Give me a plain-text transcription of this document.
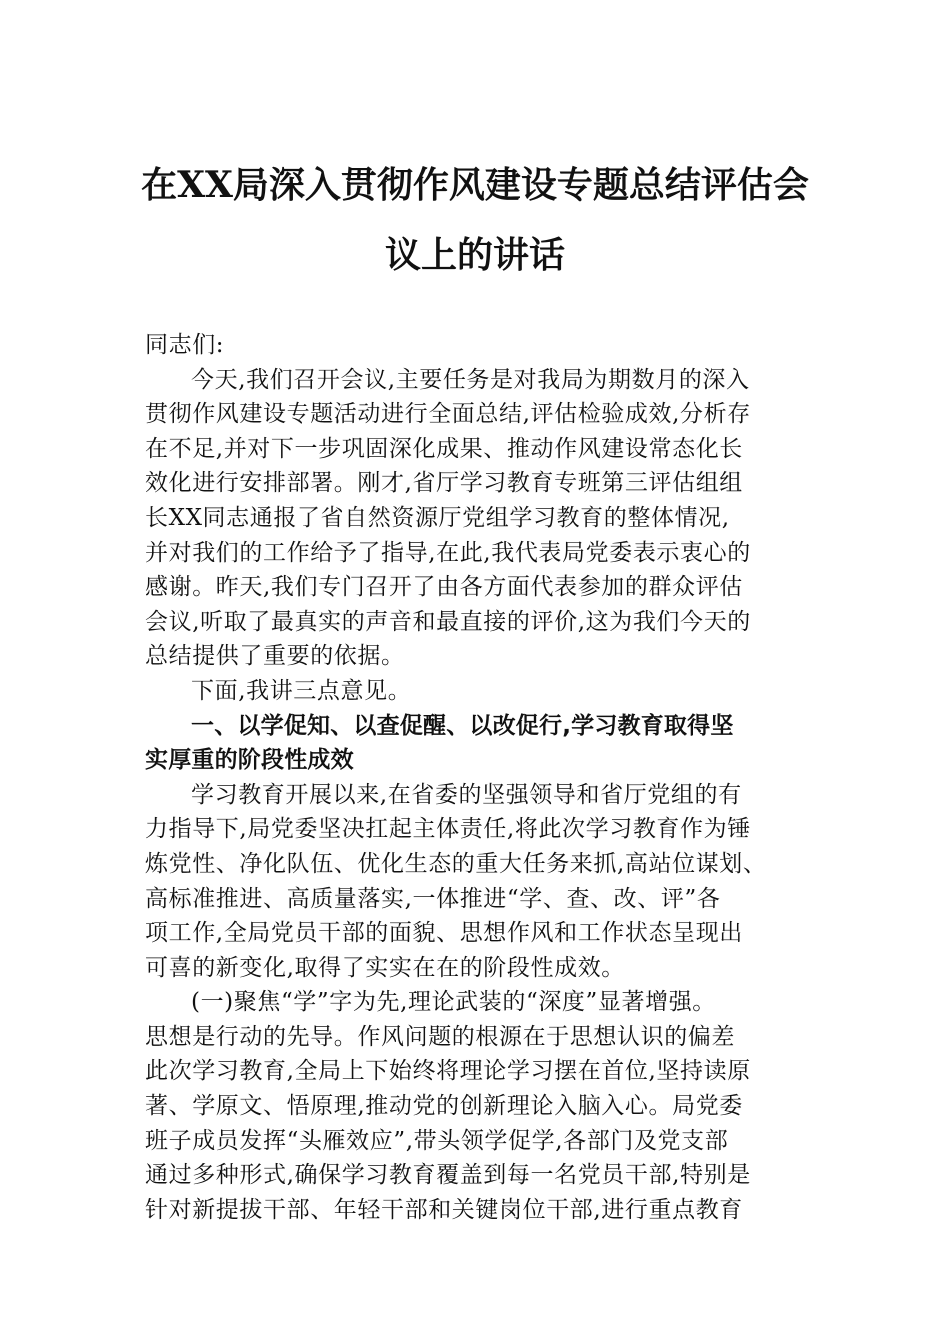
在XX局深入贯彻作风建设专题总结评估会
议上的讲话
同志们:
今天,我们召开会议,主要任务是对我局为期数月的深入
贯彻作风建设专题活动进行全面总结,评估检验成效,分析存
在不足,并对下一步巩固深化成果、推动作风建设常态化长
效化进行安排部署。刚才,省厅学习教育专班第三评估组组
长XX同志通报了省自然资源厅党组学习教育的整体情况,
并对我们的工作给予了指导,在此,我代表局党委表示衷心的
感谢。昨天,我们专门召开了由各方面代表参加的群众评估
会议,听取了最真实的声音和最直接的评价,这为我们今天的
总结提供了重要的依据。
下面,我讲三点意见。
一、以学促知、以查促醒、以改促行,学习教育取得坚
实厚重的阶段性成效
学习教育开展以来,在省委的坚强领导和省厅党组的有
力指导下,局党委坚决扛起主体责任,将此次学习教育作为锤
炼党性、净化队伍、优化生态的重大任务来抓,高站位谋划、
高标准推进、高质量落实,一体推进“学、查、改、评”各
项工作,全局党员干部的面貌、思想作风和工作状态呈现出
可喜的新变化,取得了实实在在的阶段性成效。
(一)聚焦“学”字为先,理论武装的“深度”显著增强。
思想是行动的先导。作风问题的根源在于思想认识的偏差
此次学习教育,全局上下始终将理论学习摆在首位,坚持读原
著、学原文、悟原理,推动党的创新理论入脑入心。局党委
班子成员发挥“头雁效应”,带头领学促学,各部门及党支部
通过多种形式,确保学习教育覆盖到每一名党员干部,特别是
针对新提拔干部、年轻干部和关键岗位干部,进行重点教育
